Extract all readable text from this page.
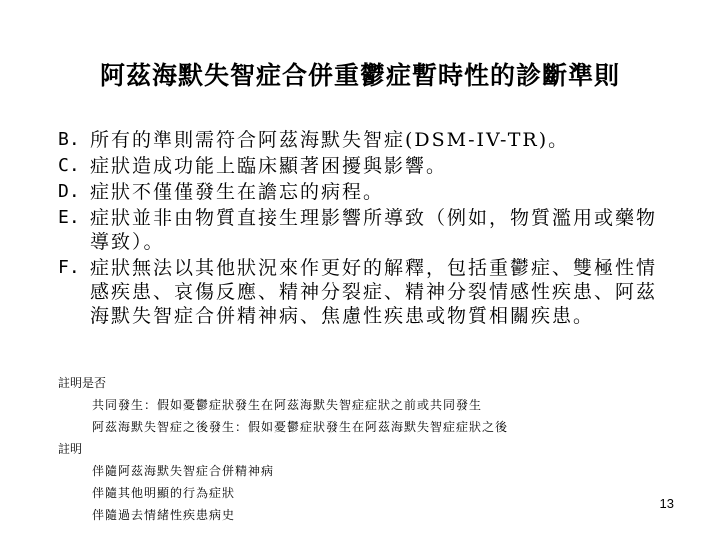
阿茲海默失智症合併重鬱症暫時性的診斷準則
B. 所有的準則需符合阿茲海默失智症(DSM-IV-TR)。
C. 症狀造成功能上臨床顯著困擾與影響。
D. 症狀不僅僅發生在譫忘的病程。
E. 症狀並非由物質直接生理影響所導致（例如，物質濫用或藥物導致）。
F. 症狀無法以其他狀況來作更好的解釋，包括重鬱症、雙極性情感疾患、哀傷反應、精神分裂症、精神分裂情感性疾患、阿茲海默失智症合併精神病、焦慮性疾患或物質相關疾患。
註明是否
共同發生：假如憂鬱症狀發生在阿茲海默失智症症狀之前或共同發生
阿茲海默失智症之後發生：假如憂鬱症狀發生在阿茲海默失智症症狀之後
註明
伴隨阿茲海默失智症合併精神病
伴隨其他明顯的行為症狀
伴隨過去情緒性疾患病史
13
